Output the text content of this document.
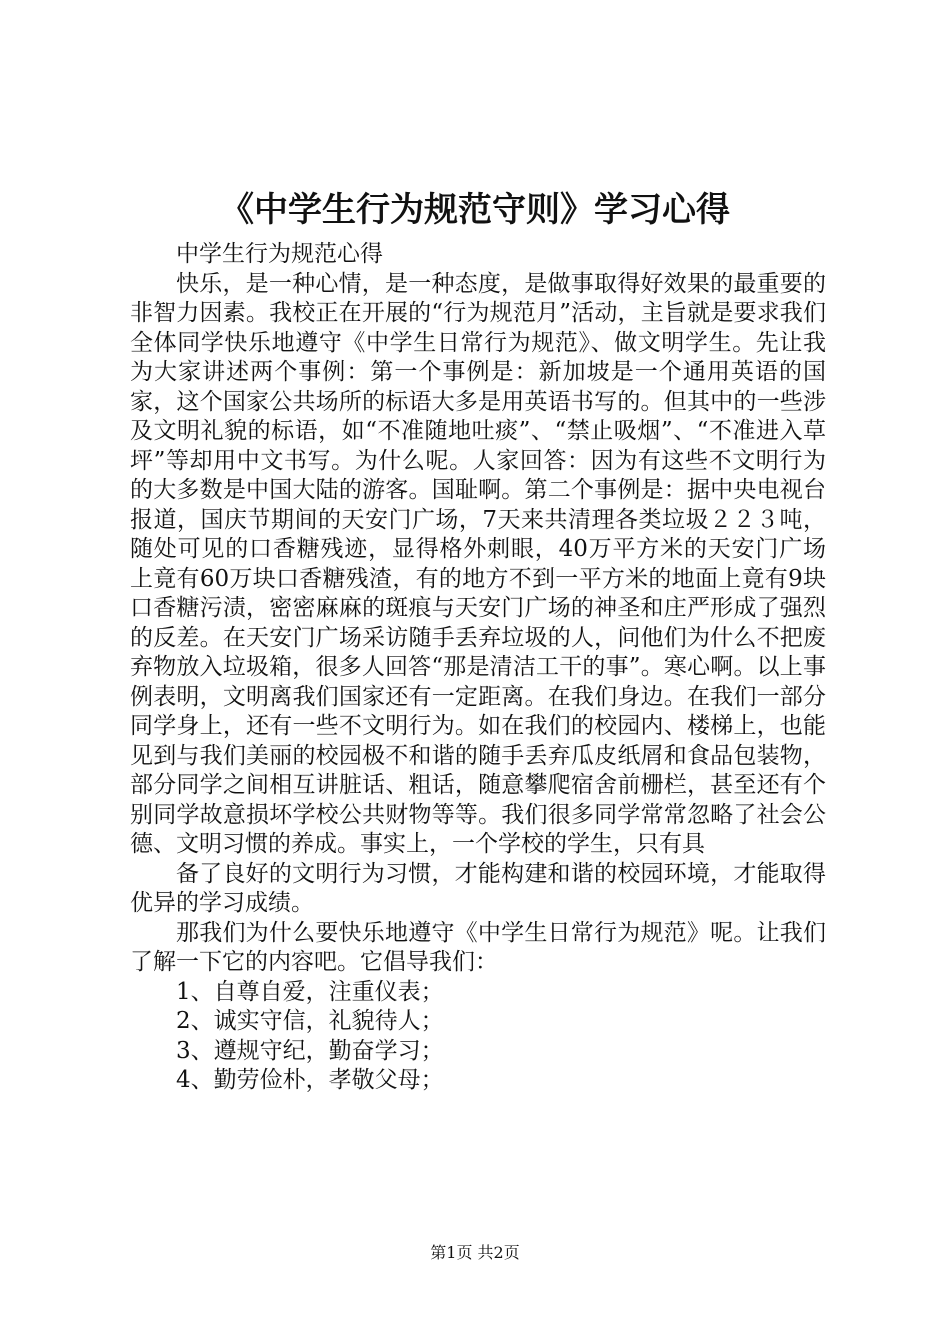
《中学生行为规范守则》学习心得

中学生行为规范心得

快乐，是一种心情，是一种态度，是做事取得好效果的最重要的非智力因素。我校正在开展的“行为规范月”活动，主旨就是要求我们全体同学快乐地遵守《中学生日常行为规范》、做文明学生。先让我为大家讲述两个事例：第一个事例是：新加坡是一个通用英语的国家，这个国家公共场所的标语大多是用英语书写的。但其中的一些涉及文明礼貌的标语，如“不准随地吐痰”、“禁止吸烟”、“不准进入草坪”等却用中文书写。为什么呢。人家回答：因为有这些不文明行为的大多数是中国大陆的游客。国耻啊。第二个事例是：据中央电视台报道，国庆节期间的天安门广场，7天来共清理各类垃圾２２３吨，随处可见的口香糖残迹，显得格外刺眼，40万平方米的天安门广场上竟有60万块口香糖残渣，有的地方不到一平方米的地面上竟有9块口香糖污渍，密密麻麻的斑痕与天安门广场的神圣和庄严形成了强烈的反差。在天安门广场采访随手丢弃垃圾的人，问他们为什么不把废弃物放入垃圾箱，很多人回答“那是清洁工干的事”。寒心啊。以上事例表明，文明离我们国家还有一定距离。在我们身边。在我们一部分同学身上，还有一些不文明行为。如在我们的校园内、楼梯上，也能见到与我们美丽的校园极不和谐的随手丢弃瓜皮纸屑和食品包装物，部分同学之间相互讲脏话、粗话，随意攀爬宿舍前栅栏，甚至还有个别同学故意损坏学校公共财物等等。我们很多同学常常忽略了社会公德、文明习惯的养成。事实上，一个学校的学生，只有具

备了良好的文明行为习惯，才能构建和谐的校园环境，才能取得优异的学习成绩。

那我们为什么要快乐地遵守《中学生日常行为规范》呢。让我们了解一下它的内容吧。它倡导我们：

1、自尊自爱，注重仪表；

2、诚实守信，礼貌待人；

3、遵规守纪，勤奋学习；

4、勤劳俭朴，孝敬父母；

第1页 共2页
